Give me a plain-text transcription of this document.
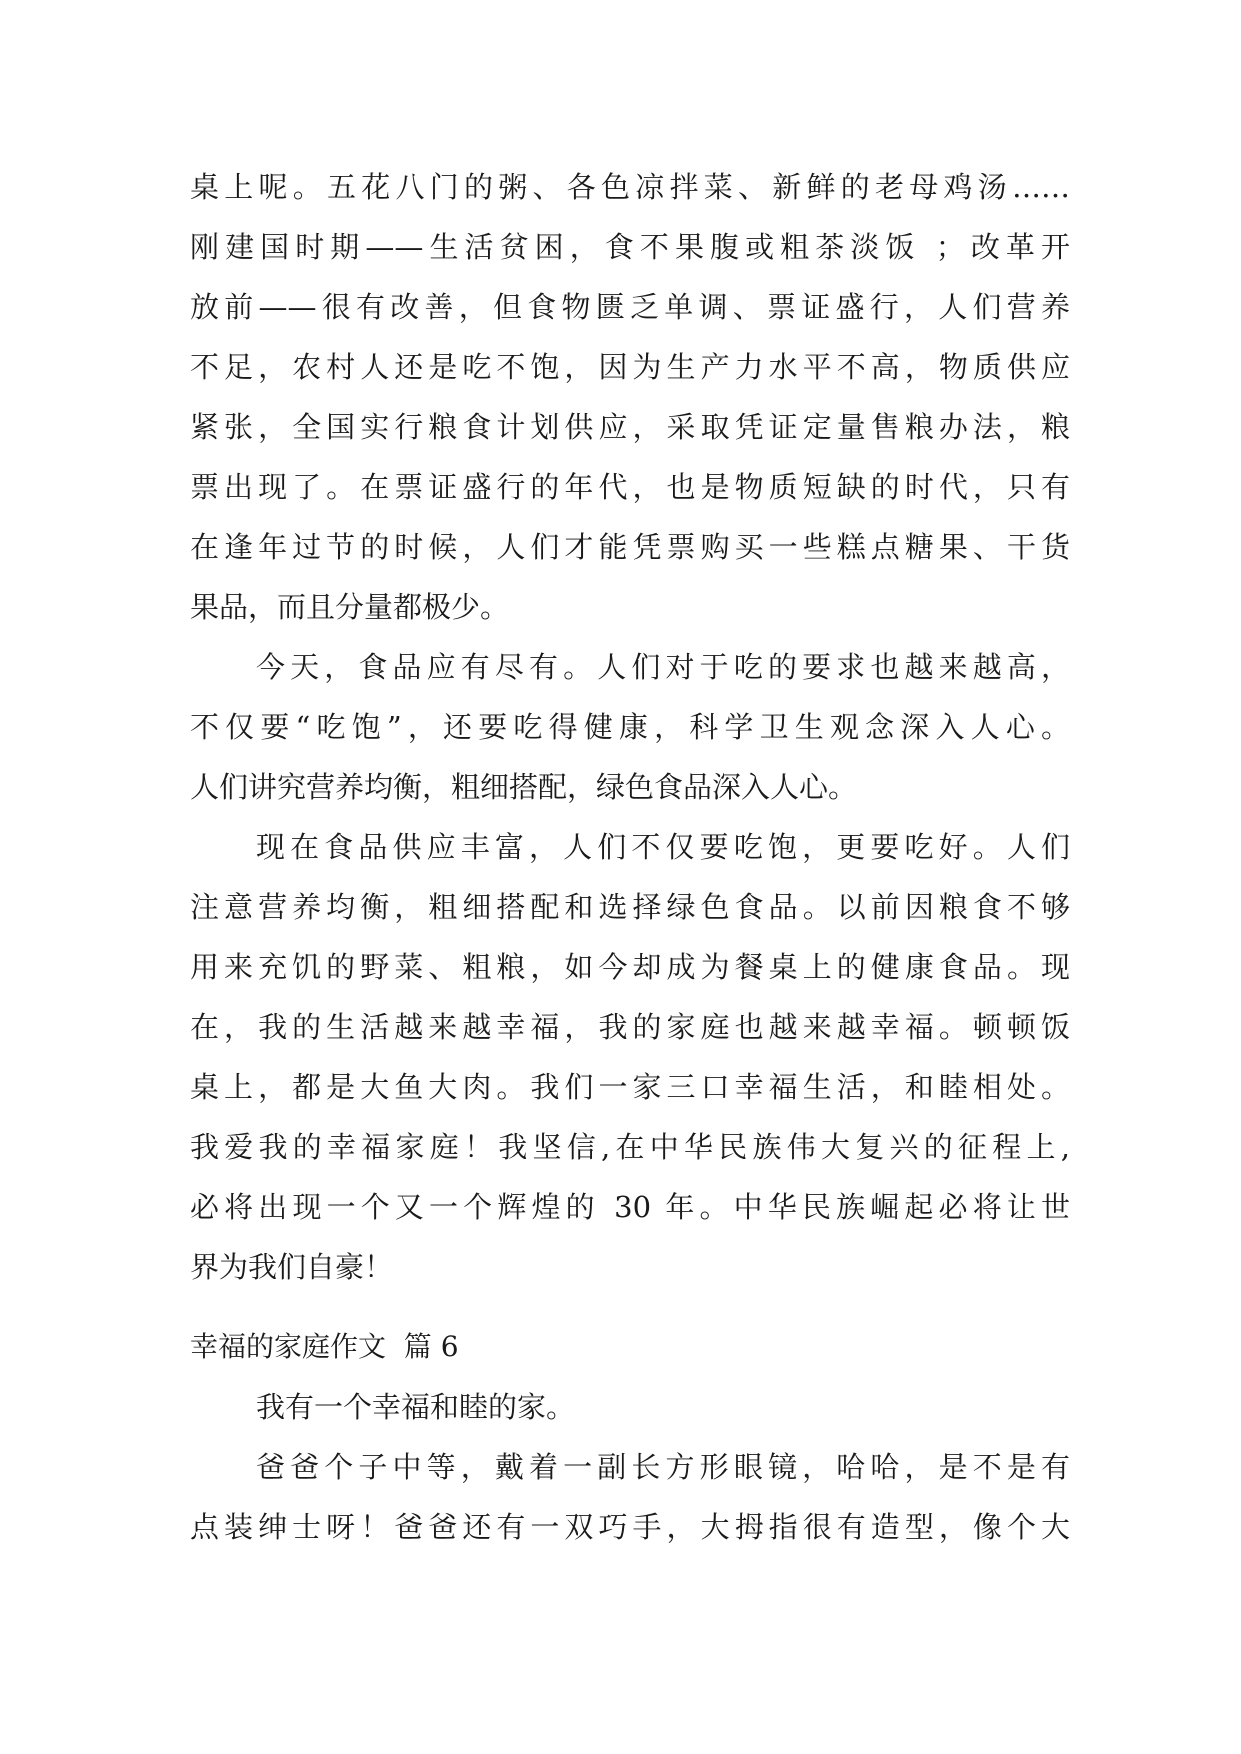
桌上呢。五花八门的粥、各色凉拌菜、新鲜的老母鸡汤……
刚建国时期——生活贫困，食不果腹或粗茶淡饭 ；改革开
放前——很有改善，但食物匮乏单调、票证盛行，人们营养
不足，农村人还是吃不饱，因为生产力水平不高，物质供应
紧张，全国实行粮食计划供应，采取凭证定量售粮办法，粮
票出现了。在票证盛行的年代，也是物质短缺的时代，只有
在逢年过节的时候，人们才能凭票购买一些糕点糖果、干货
果品，而且分量都极少。
今天，食品应有尽有。人们对于吃的要求也越来越高，
不仅要“吃饱”，还要吃得健康，科学卫生观念深入人心。
人们讲究营养均衡，粗细搭配，绿色食品深入人心。
现在食品供应丰富，人们不仅要吃饱，更要吃好。人们
注意营养均衡，粗细搭配和选择绿色食品。以前因粮食不够
用来充饥的野菜、粗粮，如今却成为餐桌上的健康食品。现
在，我的生活越来越幸福，我的家庭也越来越幸福。顿顿饭
桌上，都是大鱼大肉。我们一家三口幸福生活，和睦相处。
我爱我的幸福家庭！我坚信,在中华民族伟大复兴的征程上,
必将出现一个又一个辉煌的 30 年。中华民族崛起必将让世
界为我们自豪！
幸福的家庭作文  篇 6
我有一个幸福和睦的家。
爸爸个子中等，戴着一副长方形眼镜，哈哈，是不是有
点装绅士呀！爸爸还有一双巧手，大拇指很有造型，像个大
